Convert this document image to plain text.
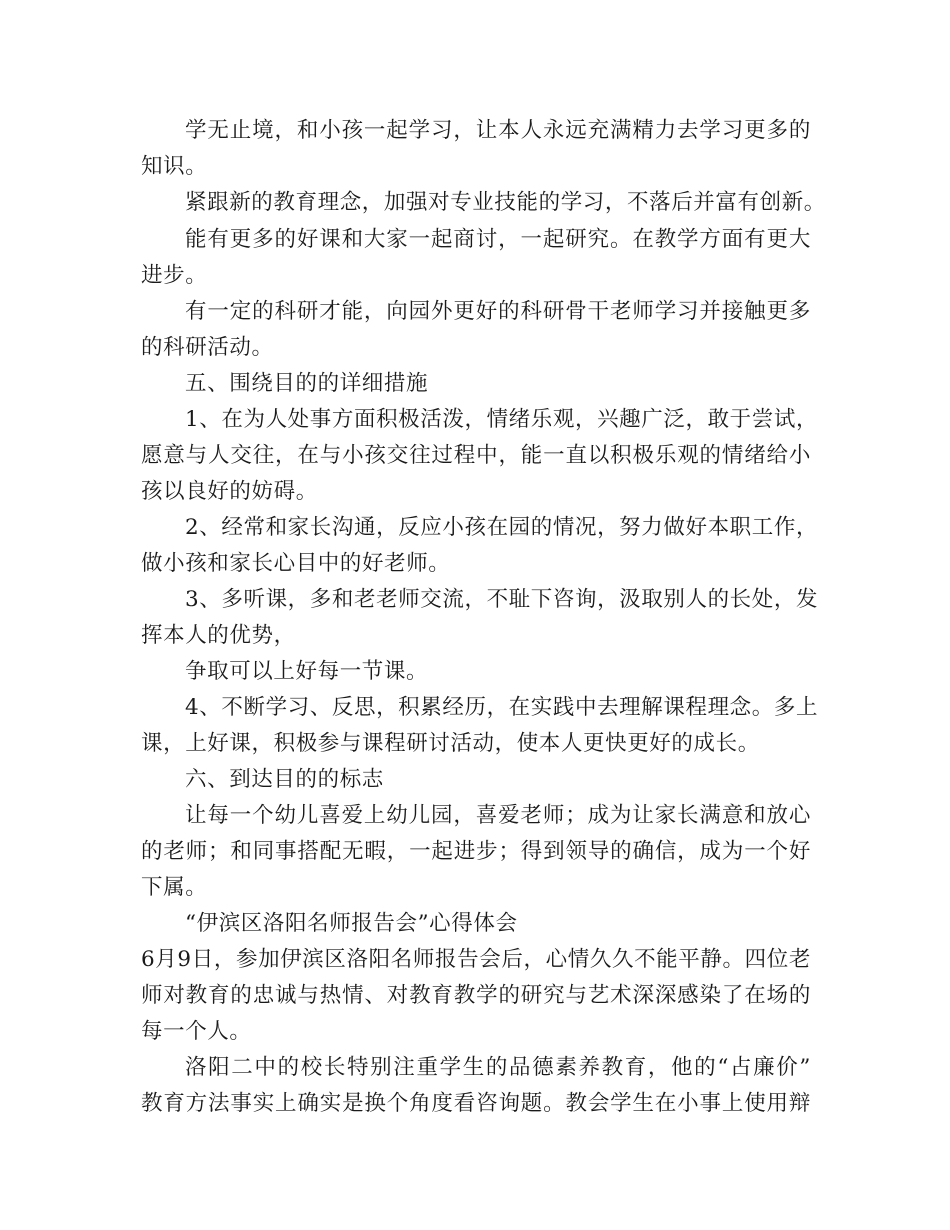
学无止境，和小孩一起学习，让本人永远充满精力去学习更多的
知识。
紧跟新的教育理念，加强对专业技能的学习，不落后并富有创新。
能有更多的好课和大家一起商讨，一起研究。在教学方面有更大
进步。
有一定的科研才能，向园外更好的科研骨干老师学习并接触更多
的科研活动。
五、围绕目的的详细措施
1、在为人处事方面积极活泼，情绪乐观，兴趣广泛，敢于尝试，
愿意与人交往，在与小孩交往过程中，能一直以积极乐观的情绪给小
孩以良好的妨碍。
2、经常和家长沟通，反应小孩在园的情况，努力做好本职工作，
做小孩和家长心目中的好老师。
3、多听课，多和老老师交流，不耻下咨询，汲取别人的长处，发
挥本人的优势，
争取可以上好每一节课。
4、不断学习、反思，积累经历，在实践中去理解课程理念。多上
课，上好课，积极参与课程研讨活动，使本人更快更好的成长。
六、到达目的的标志
让每一个幼儿喜爱上幼儿园，喜爱老师；成为让家长满意和放心
的老师；和同事搭配无暇，一起进步；得到领导的确信，成为一个好
下属。
“伊滨区洛阳名师报告会”心得体会
6月9日，参加伊滨区洛阳名师报告会后，心情久久不能平静。四位老
师对教育的忠诚与热情、对教育教学的研究与艺术深深感染了在场的
每一个人。
洛阳二中的校长特别注重学生的品德素养教育，他的“占廉价”
教育方法事实上确实是换个角度看咨询题。教会学生在小事上使用辩
